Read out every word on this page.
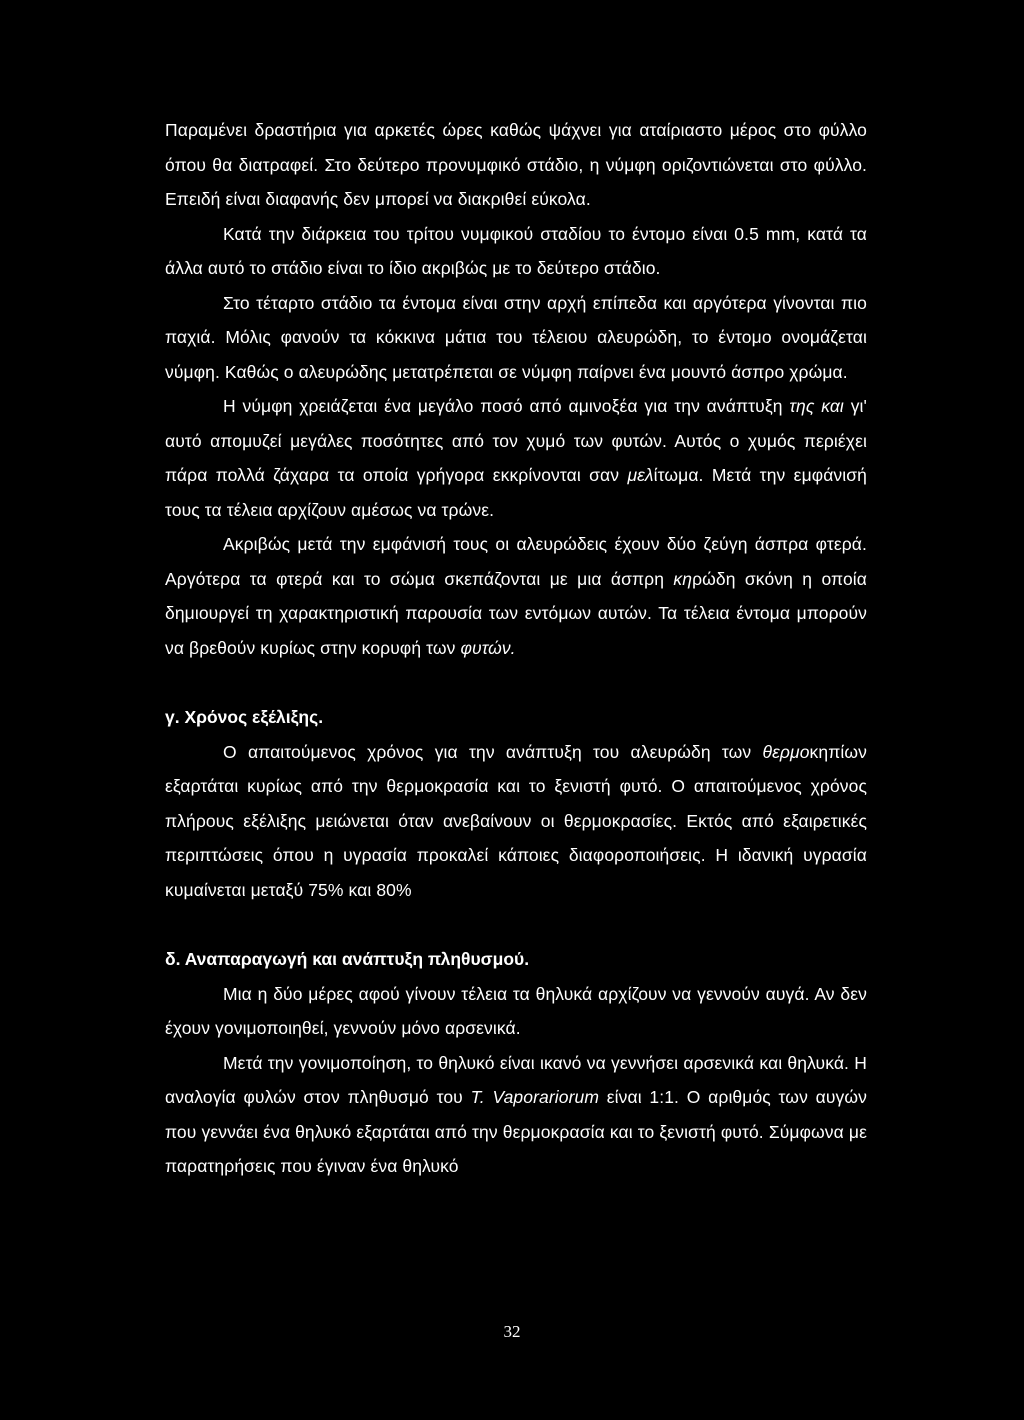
Παραμένει δραστήρια για αρκετές ώρες καθώς ψάχνει για αταίριαστο μέρος στο φύλλο όπου θα διατραφεί. Στο δεύτερο προνυμφικό στάδιο, η νύμφη οριζοντιώνεται στο φύλλο. Επειδή είναι διαφανής δεν μπορεί να διακριθεί εύκολα.

Κατά την διάρκεια του τρίτου νυμφικού σταδίου το έντομο είναι 0.5 mm, κατά τα άλλα αυτό το στάδιο είναι το ίδιο ακριβώς με το δεύτερο στάδιο.

Στο τέταρτο στάδιο τα έντομα είναι στην αρχή επίπεδα και αργότερα γίνονται πιο παχιά. Μόλις φανούν τα κόκκινα μάτια του τέλειου αλευρώδη, το έντομο ονομάζεται νύμφη. Καθώς ο αλευρώδης μετατρέπεται σε νύμφη παίρνει ένα μουντό άσπρο χρώμα.

Η νύμφη χρειάζεται ένα μεγάλο ποσό από αμινοξέα για την ανάπτυξη της και γι' αυτό απομυζεί μεγάλες ποσότητες από τον χυμό των φυτών. Αυτός ο χυμός περιέχει πάρα πολλά ζάχαρα τα οποία γρήγορα εκκρίνονται σαν μελίτωμα. Μετά την εμφάνισή τους τα τέλεια αρχίζουν αμέσως να τρώνε.

Ακριβώς μετά την εμφάνισή τους οι αλευρώδεις έχουν δύο ζεύγη άσπρα φτερά. Αργότερα τα φτερά και το σώμα σκεπάζονται με μια άσπρη κηρώδη σκόνη η οποία δημιουργεί τη χαρακτηριστική παρουσία των εντόμων αυτών. Τα τέλεια έντομα μπορούν να βρεθούν κυρίως στην κορυφή των φυτών.

γ. Χρόνος εξέλιξης.

Ο απαιτούμενος χρόνος για την ανάπτυξη του αλευρώδη των θερμοκηπίων εξαρτάται κυρίως από την θερμοκρασία και το ξενιστή φυτό. Ο απαιτούμενος χρόνος πλήρους εξέλιξης μειώνεται όταν ανεβαίνουν οι θερμοκρασίες. Εκτός από εξαιρετικές περιπτώσεις όπου η υγρασία προκαλεί κάποιες διαφοροποιήσεις. Η ιδανική υγρασία κυμαίνεται μεταξύ 75% και 80%

δ. Αναπαραγωγή και ανάπτυξη πληθυσμού.

Μια η δύο μέρες αφού γίνουν τέλεια τα θηλυκά αρχίζουν να γεννούν αυγά. Αν δεν έχουν γονιμοποιηθεί, γεννούν μόνο αρσενικά.

Μετά την γονιμοποίηση, το θηλυκό είναι ικανό να γεννήσει αρσενικά και θηλυκά. Η αναλογία φυλών στον πληθυσμό του T. Vaporariorum είναι 1:1. Ο αριθμός των αυγών που γεννάει ένα θηλυκό εξαρτάται από την θερμοκρασία και το ξενιστή φυτό. Σύμφωνα με παρατηρήσεις που έγιναν ένα θηλυκό

32
